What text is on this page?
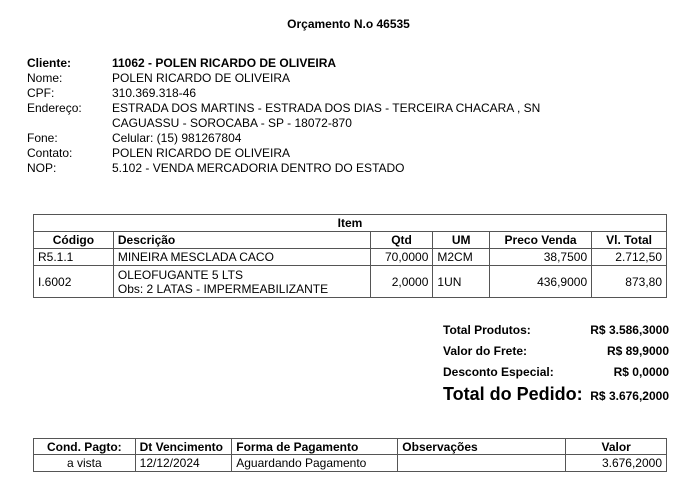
Orçamento N.o 46535
Cliente:	11062 - POLEN RICARDO DE OLIVEIRA
Nome:	POLEN RICARDO DE OLIVEIRA
CPF:	310.369.318-46
Endereço:	ESTRADA DOS MARTINS - ESTRADA DOS DIAS - TERCEIRA CHACARA , SN
CAGUASSU - SOROCABA - SP - 18072-870
Fone:	Celular: (15) 981267804
Contato:	POLEN RICARDO DE OLIVEIRA
NOP:	5.102 - VENDA MERCADORIA DENTRO DO ESTADO
Item					
Código	Descrição	Qtd	UM	Preco Venda	Vl. Total
R5.1.1	MINEIRA MESCLADA CACO	70,0000	M2CM	38,7500	2.712,50
I.6002	OLEOFUGANTE 5 LTS
Obs: 2 LATAS - IMPERMEABILIZANTE	2,0000	1UN	436,9000	873,80
Total Produtos:	R$ 3.586,3000
Valor do Frete:	R$ 89,9000
Desconto Especial:	R$ 0,0000
Total do Pedido: R$ 3.676,2000
Cond. Pagto:	Dt Vencimento	Forma de Pagamento	Observações	Valor
a vista	12/12/2024	Aguardando Pagamento		3.676,2000
